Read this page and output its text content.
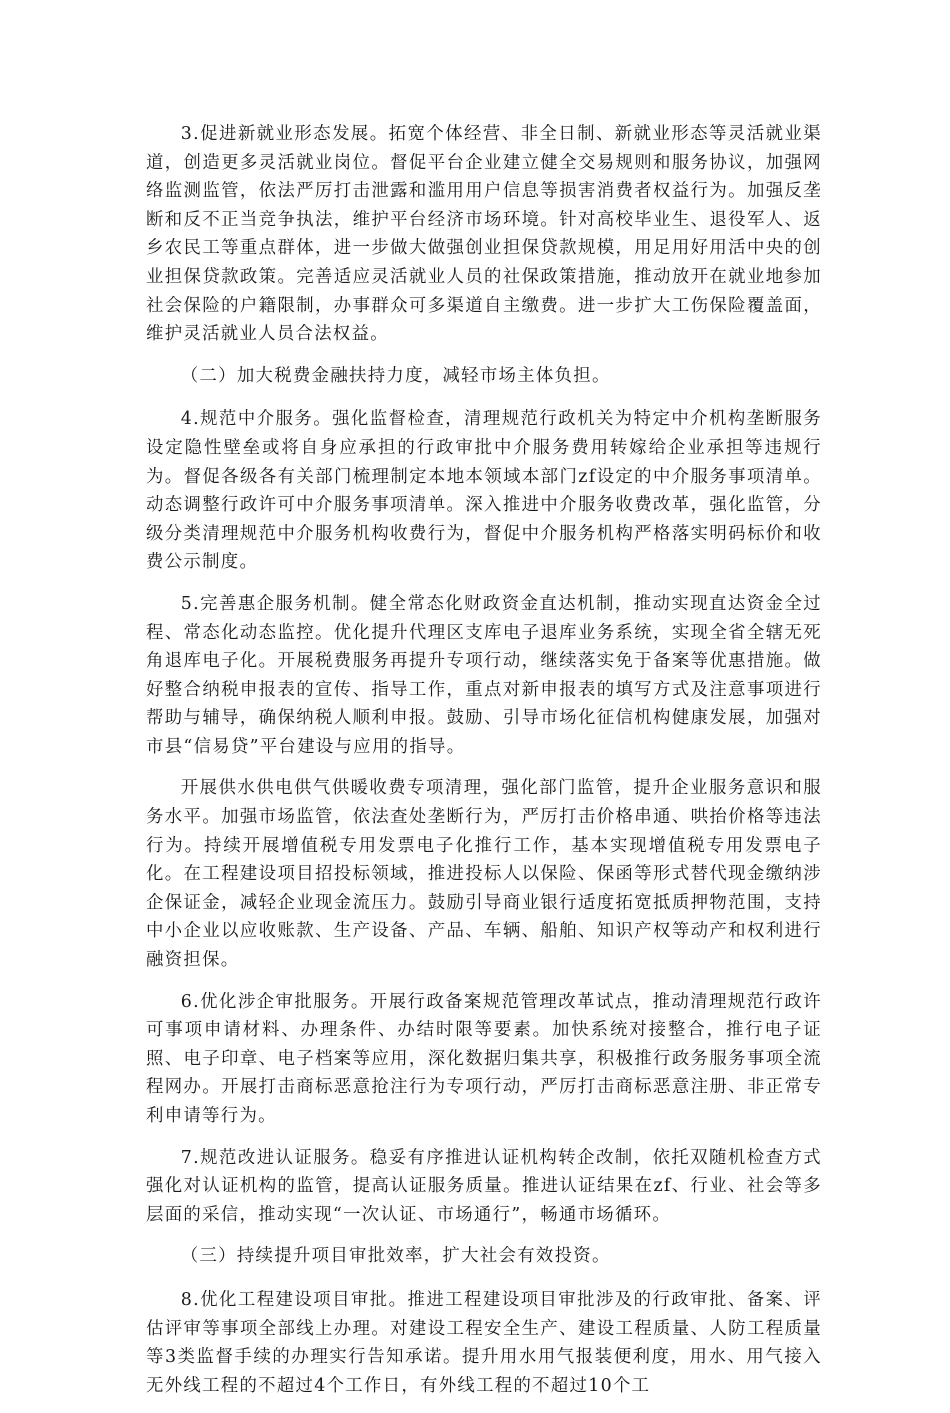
3.促进新就业形态发展。拓宽个体经营、非全日制、新就业形态等灵活就业渠道，创造更多灵活就业岗位。督促平台企业建立健全交易规则和服务协议，加强网络监测监管，依法严厉打击泄露和滥用用户信息等损害消费者权益行为。加强反垄断和反不正当竞争执法，维护平台经济市场环境。针对高校毕业生、退役军人、返乡农民工等重点群体，进一步做大做强创业担保贷款规模，用足用好用活中央的创业担保贷款政策。完善适应灵活就业人员的社保政策措施，推动放开在就业地参加社会保险的户籍限制，办事群众可多渠道自主缴费。进一步扩大工伤保险覆盖面，维护灵活就业人员合法权益。

（二）加大税费金融扶持力度，减轻市场主体负担。

4.规范中介服务。强化监督检查，清理规范行政机关为特定中介机构垄断服务设定隐性壁垒或将自身应承担的行政审批中介服务费用转嫁给企业承担等违规行为。督促各级各有关部门梳理制定本地本领域本部门zf设定的中介服务事项清单。动态调整行政许可中介服务事项清单。深入推进中介服务收费改革，强化监管，分级分类清理规范中介服务机构收费行为，督促中介服务机构严格落实明码标价和收费公示制度。

5.完善惠企服务机制。健全常态化财政资金直达机制，推动实现直达资金全过程、常态化动态监控。优化提升代理区支库电子退库业务系统，实现全省全辖无死角退库电子化。开展税费服务再提升专项行动，继续落实免于备案等优惠措施。做好整合纳税申报表的宣传、指导工作，重点对新申报表的填写方式及注意事项进行帮助与辅导，确保纳税人顺利申报。鼓励、引导市场化征信机构健康发展，加强对市县“信易贷”平台建设与应用的指导。

开展供水供电供气供暖收费专项清理，强化部门监管，提升企业服务意识和服务水平。加强市场监管，依法查处垄断行为，严厉打击价格串通、哄抬价格等违法行为。持续开展增值税专用发票电子化推行工作，基本实现增值税专用发票电子化。在工程建设项目招投标领域，推进投标人以保险、保函等形式替代现金缴纳涉企保证金，减轻企业现金流压力。鼓励引导商业银行适度拓宽抵质押物范围，支持中小企业以应收账款、生产设备、产品、车辆、船舶、知识产权等动产和权利进行融资担保。

6.优化涉企审批服务。开展行政备案规范管理改革试点，推动清理规范行政许可事项申请材料、办理条件、办结时限等要素。加快系统对接整合，推行电子证照、电子印章、电子档案等应用，深化数据归集共享，积极推行政务服务事项全流程网办。开展打击商标恶意抢注行为专项行动，严厉打击商标恶意注册、非正常专利申请等行为。

7.规范改进认证服务。稳妥有序推进认证机构转企改制，依托双随机检查方式强化对认证机构的监管，提高认证服务质量。推进认证结果在zf、行业、社会等多层面的采信，推动实现“一次认证、市场通行”，畅通市场循环。

（三）持续提升项目审批效率，扩大社会有效投资。

8.优化工程建设项目审批。推进工程建设项目审批涉及的行政审批、备案、评估评审等事项全部线上办理。对建设工程安全生产、建设工程质量、人防工程质量等3类监督手续的办理实行告知承诺。提升用水用气报装便利度，用水、用气接入无外线工程的不超过4个工作日，有外线工程的不超过10个工
